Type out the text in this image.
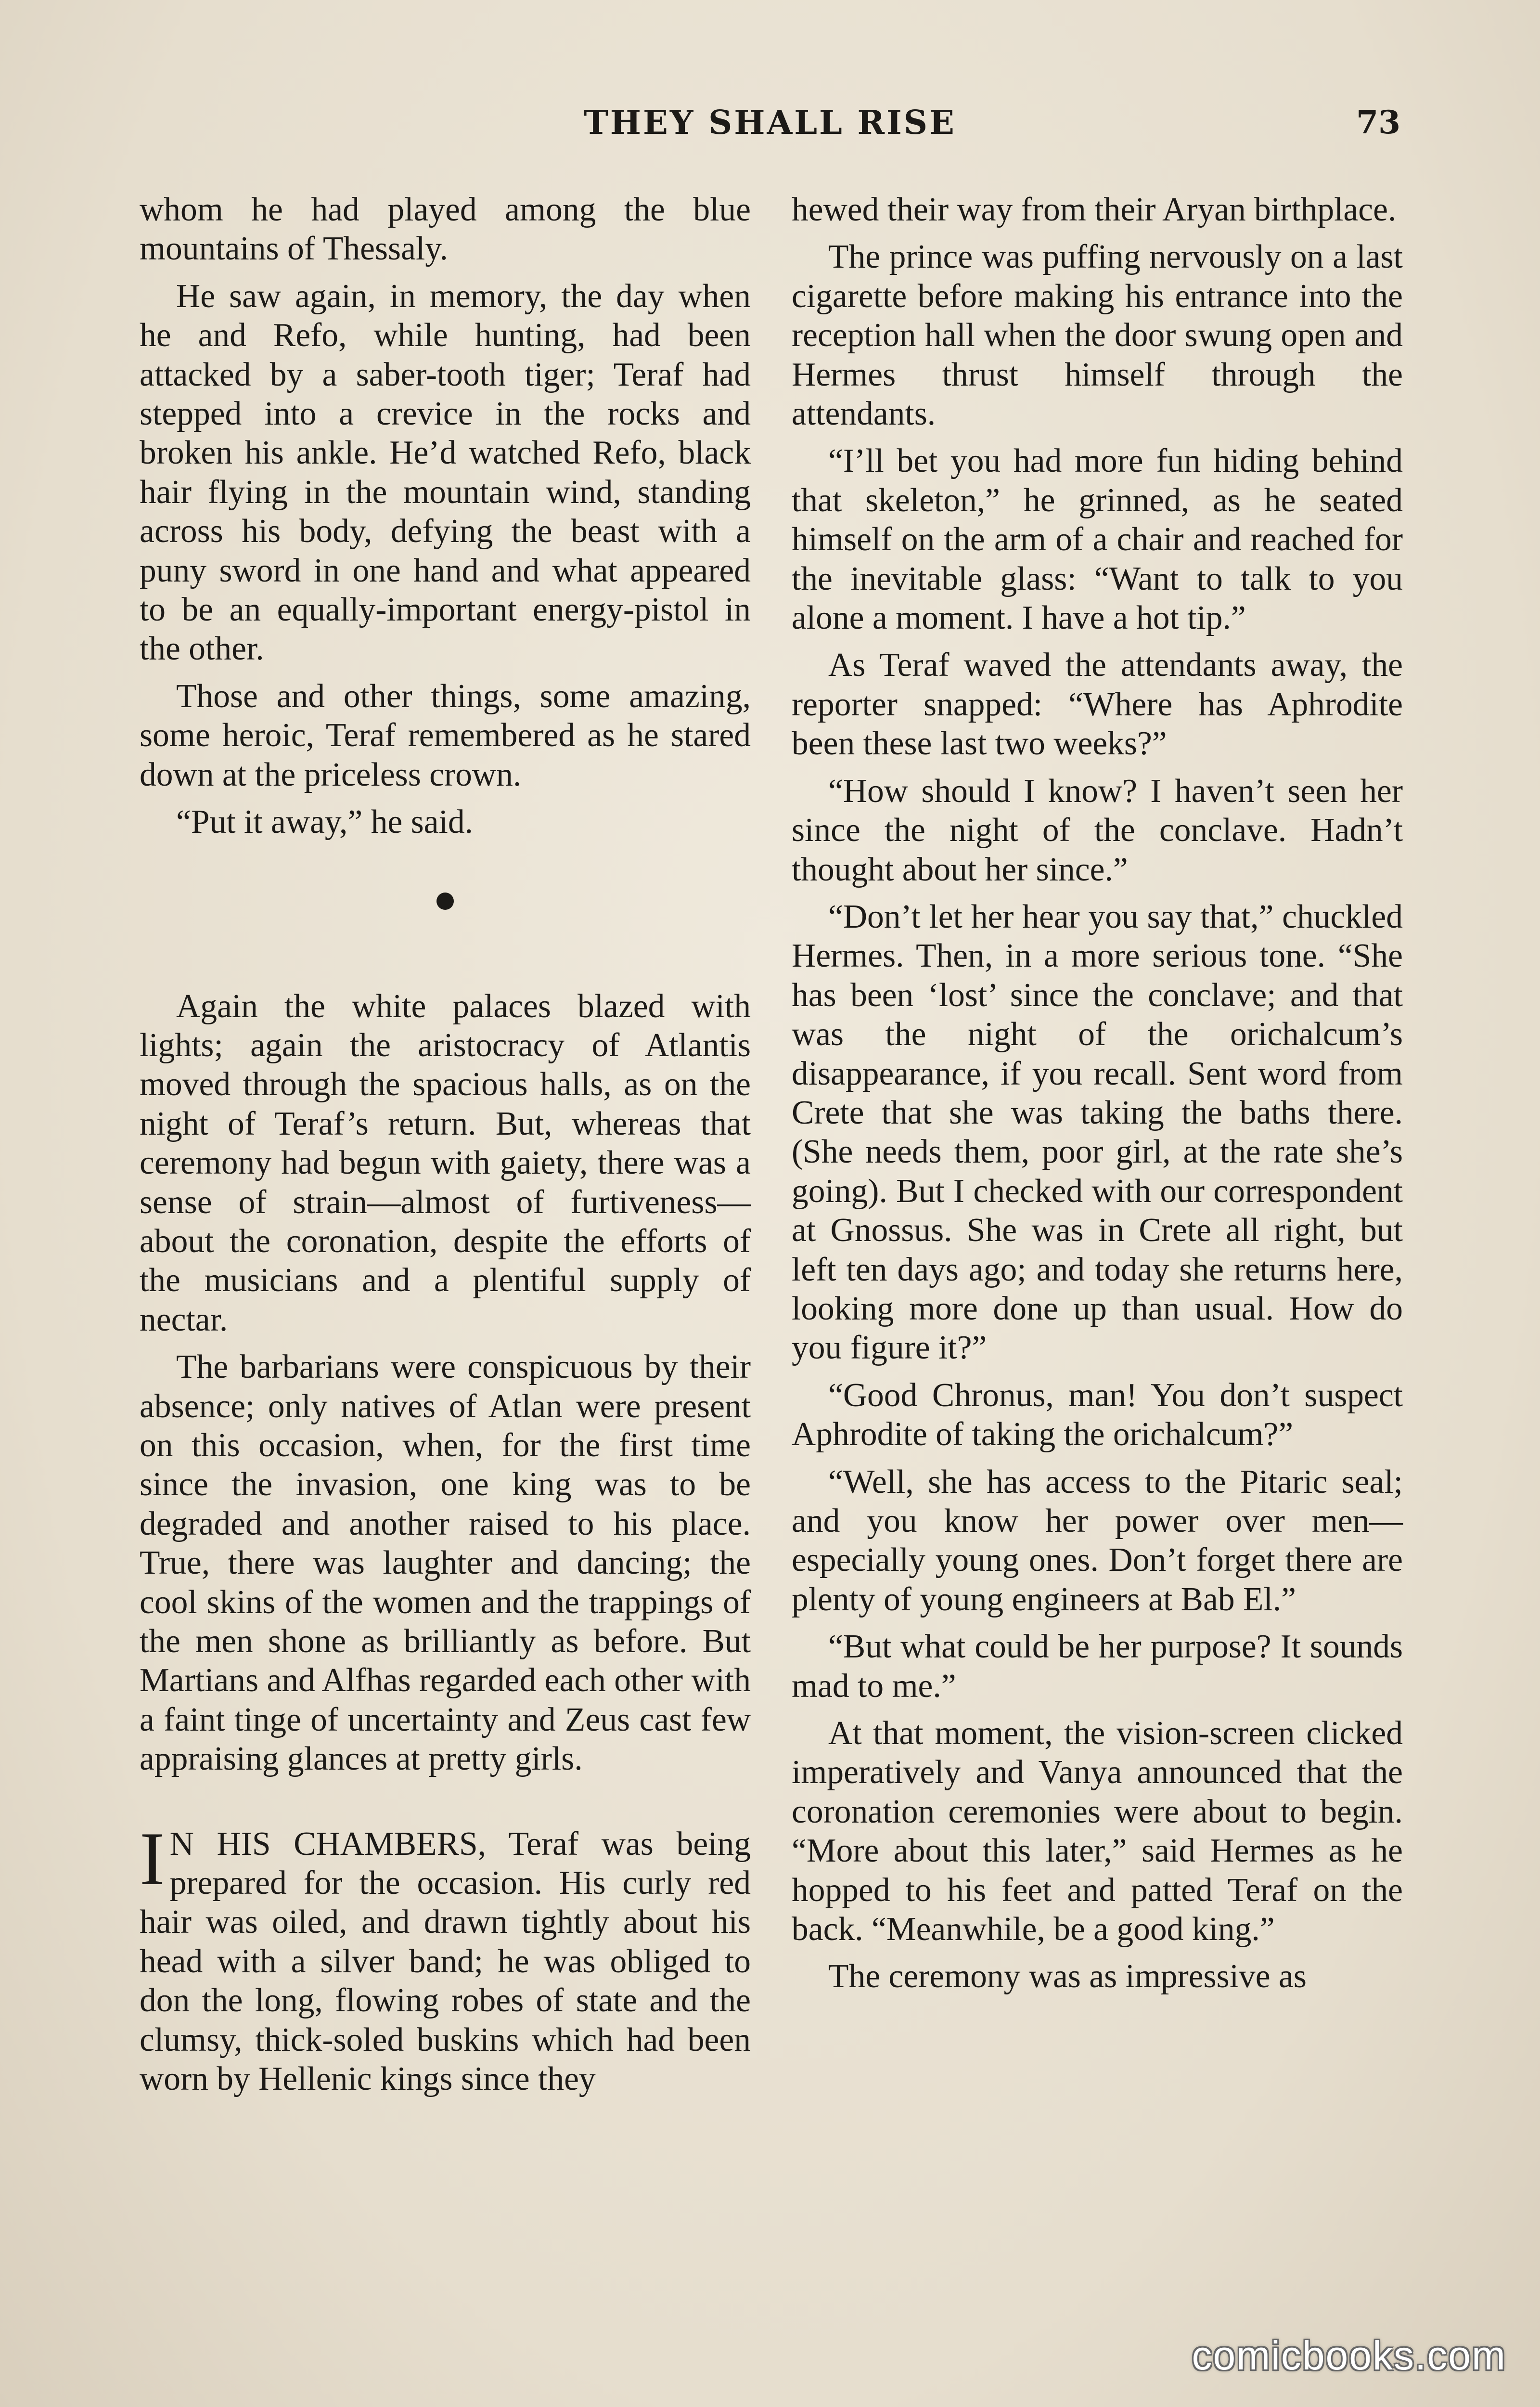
THEY SHALL RISE	73

whom he had played among the blue mountains of Thessaly.

He saw again, in memory, the day when he and Refo, while hunting, had been attacked by a saber-tooth tiger; Teraf had stepped into a crevice in the rocks and broken his ankle. He’d watched Refo, black hair flying in the mountain wind, standing across his body, defying the beast with a puny sword in one hand and what appeared to be an equally-important energy-pistol in the other.

Those and other things, some amazing, some heroic, Teraf remembered as he stared down at the priceless crown.

“Put it away,” he said.

Again the white palaces blazed with lights; again the aristocracy of Atlantis moved through the spacious halls, as on the night of Teraf’s return. But, whereas that ceremony had begun with gaiety, there was a sense of strain—almost of furtiveness—about the coronation, despite the efforts of the musicians and a plentiful supply of nectar.

The barbarians were conspicuous by their absence; only natives of Atlan were present on this occasion, when, for the first time since the invasion, one king was to be degraded and another raised to his place. True, there was laughter and dancing; the cool skins of the women and the trappings of the men shone as brilliantly as before. But Martians and Alfhas regarded each other with a faint tinge of uncertainty and Zeus cast few appraising glances at pretty girls.

I N HIS CHAMBERS, Teraf was being prepared for the occasion. His curly red hair was oiled, and drawn tightly about his head with a silver band; he was obliged to don the long, flowing robes of state and the clumsy, thick-soled buskins which had been worn by Hellenic kings since they

hewed their way from their Aryan birthplace.

The prince was puffing nervously on a last cigarette before making his entrance into the reception hall when the door swung open and Hermes thrust himself through the attendants.

“I’ll bet you had more fun hiding behind that skeleton,” he grinned, as he seated himself on the arm of a chair and reached for the inevitable glass: “Want to talk to you alone a moment. I have a hot tip.”

As Teraf waved the attendants away, the reporter snapped: “Where has Aphrodite been these last two weeks?”

“How should I know? I haven’t seen her since the night of the conclave. Hadn’t thought about her since.”

“Don’t let her hear you say that,” chuckled Hermes. Then, in a more serious tone. “She has been ‘lost’ since the conclave; and that was the night of the orichalcum’s disappearance, if you recall. Sent word from Crete that she was taking the baths there. (She needs them, poor girl, at the rate she’s going). But I checked with our correspondent at Gnossus. She was in Crete all right, but left ten days ago; and today she returns here, looking more done up than usual. How do you figure it?”

“Good Chronus, man! You don’t suspect Aphrodite of taking the orichalcum?”

“Well, she has access to the Pitaric seal; and you know her power over men—especially young ones. Don’t forget there are plenty of young engineers at Bab El.”

“But what could be her purpose? It sounds mad to me.”

At that moment, the vision-screen clicked imperatively and Vanya announced that the coronation ceremonies were about to begin. “More about this later,” said Hermes as he hopped to his feet and patted Teraf on the back. “Meanwhile, be a good king.”

The ceremony was as impressive as

comicbooks.com
